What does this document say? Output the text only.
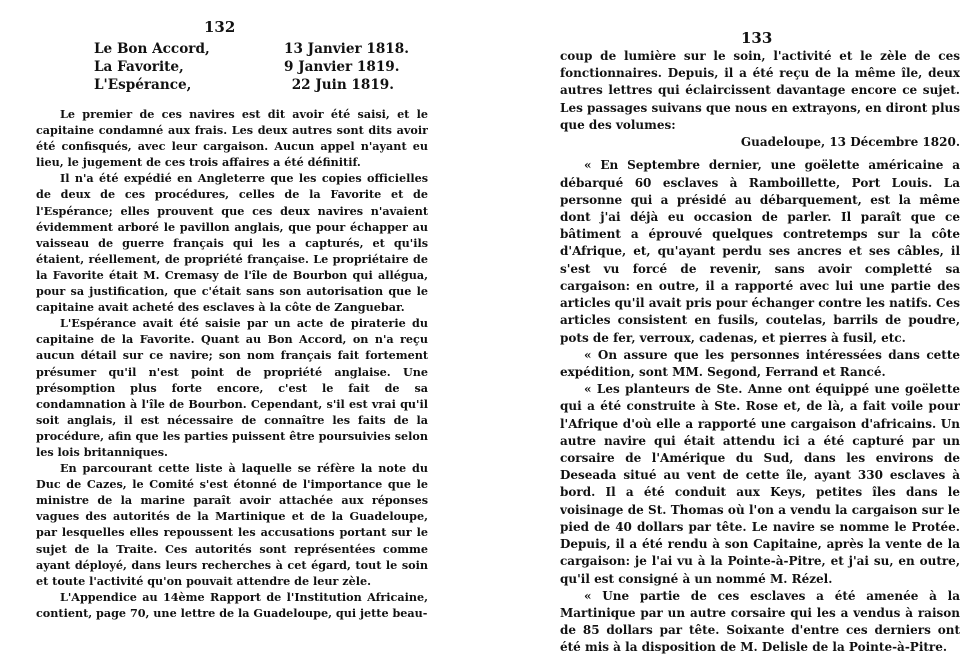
132
Le Bon Accord,	13 Janvier 1818.
La Favorite,	9 Janvier 1819.
L'Espérance,	22 Juin 1819.

Le premier de ces navires est dit avoir été saisi, et le capitaine condamné aux frais. Les deux autres sont dits avoir été confisqués, avec leur cargaison. Aucun appel n'ayant eu lieu, le jugement de ces trois affaires a été définitif.

Il n'a été expédié en Angleterre que les copies officielles de deux de ces procédures, celles de la Favorite et de l'Espérance; elles prouvent que ces deux navires n'avaient évidemment arboré le pavillon anglais, que pour échapper au vaisseau de guerre français qui les a capturés, et qu'ils étaient, réellement, de propriété française. Le propriétaire de la Favorite était M. Cremasy de l'île de Bourbon qui allégua, pour sa justification, que c'était sans son autorisation que le capitaine avait acheté des esclaves à la côte de Zanguebar.

L'Espérance avait été saisie par un acte de piraterie du capitaine de la Favorite. Quant au Bon Accord, on n'a reçu aucun détail sur ce navire; son nom français fait fortement présumer qu'il n'est point de propriété anglaise. Une présomption plus forte encore, c'est le fait de sa condamnation à l'île de Bourbon. Cependant, s'il est vrai qu'il soit anglais, il est nécessaire de connaître les faits de la procédure, afin que les parties puissent être poursuivies selon les lois britanniques.

En parcourant cette liste à laquelle se réfère la note du Duc de Cazes, le Comité s'est étonné de l'importance que le ministre de la marine paraît avoir attachée aux réponses vagues des autorités de la Martinique et de la Guadeloupe, par lesquelles elles repoussent les accusations portant sur le sujet de la Traite. Ces autorités sont représentées comme ayant déployé, dans leurs recherches à cet égard, tout le soin et toute l'activité qu'on pouvait attendre de leur zèle.

L'Appendice au 14ème Rapport de l'Institution Africaine, contient, page 70, une lettre de la Guadeloupe, qui jette beau-

133

coup de lumière sur le soin, l'activité et le zèle de ces fonctionnaires. Depuis, il a été reçu de la même île, deux autres lettres qui éclaircissent davantage encore ce sujet. Les passages suivans que nous en extrayons, en diront plus que des volumes:

Guadeloupe, 13 Décembre 1820.

« En Septembre dernier, une goëlette américaine a débarqué 60 esclaves à Ramboillette, Port Louis. La personne qui a présidé au débarquement, est la même dont j'ai déjà eu occasion de parler. Il paraît que ce bâtiment a éprouvé quelques contretemps sur la côte d'Afrique, et, qu'ayant perdu ses ancres et ses câbles, il s'est vu forcé de revenir, sans avoir completté sa cargaison: en outre, il a rapporté avec lui une partie des articles qu'il avait pris pour échanger contre les natifs. Ces articles consistent en fusils, coutelas, barrils de poudre, pots de fer, verroux, cadenas, et pierres à fusil, etc.

« On assure que les personnes intéressées dans cette expédition, sont MM. Segond, Ferrand et Rancé.

« Les planteurs de Ste. Anne ont équippé une goëlette qui a été construite à Ste. Rose et, de là, a fait voile pour l'Afrique d'où elle a rapporté une cargaison d'africains. Un autre navire qui était attendu ici a été capturé par un corsaire de l'Amérique du Sud, dans les environs de Deseada situé au vent de cette île, ayant 330 esclaves à bord. Il a été conduit aux Keys, petites îles dans le voisinage de St. Thomas où l'on a vendu la cargaison sur le pied de 40 dollars par tête. Le navire se nomme le Protée. Depuis, il a été rendu à son Capitaine, après la vente de la cargaison: je l'ai vu à la Pointe-à-Pitre, et j'ai su, en outre, qu'il est consigné à un nommé M. Rézel.

« Une partie de ces esclaves a été amenée à la Martinique par un autre corsaire qui les a vendus à raison de 85 dollars par tête. Soixante d'entre ces derniers ont été mis à la disposition de M. Delisle de la Pointe-à-Pitre.
